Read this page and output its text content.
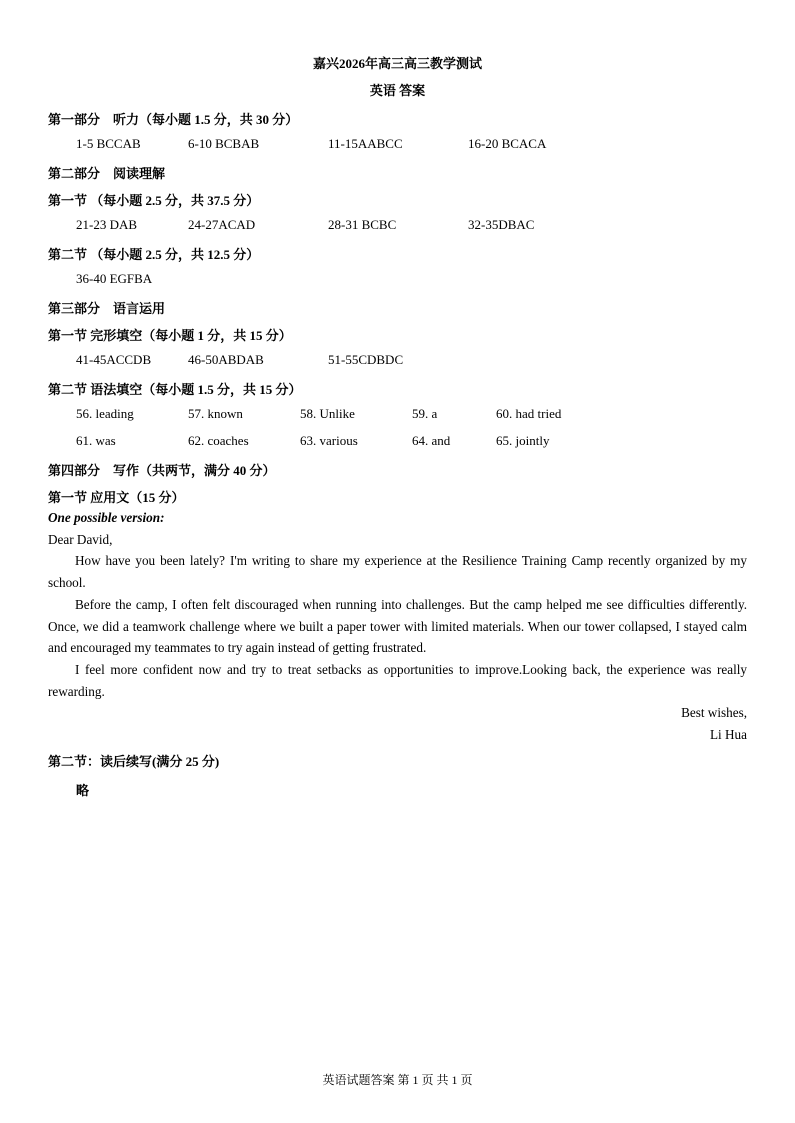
嘉兴2026年高三高三教学测试
英语 答案
第一部分　听力（每小题 1.5 分，共 30 分）
1-5 BCCAB	6-10 BCBAB	11-15AABCC	16-20 BCACA
第二部分　阅读理解
第一节 （每小题 2.5 分，共 37.5 分）
21-23 DAB	24-27ACAD	28-31 BCBC	32-35DBAC
第二节 （每小题 2.5 分，共 12.5 分）
36-40 EGFBA
第三部分　语言运用
第一节 完形填空（每小题 1 分，共 15 分）
41-45ACCDB	46-50ABDAB	51-55CDBDC
第二节 语法填空（每小题 1.5 分，共 15 分）
56. leading	57. known	58. Unlike	59. a	60. had tried
61. was	62. coaches	63. various	64. and	65. jointly
第四部分　写作（共两节，满分 40 分）
第一节 应用文（15 分）

One possible version:

Dear David,

How have you been lately? I'm writing to share my experience at the Resilience Training Camp recently organized by my school.

Before the camp, I often felt discouraged when running into challenges. But the camp helped me see difficulties differently. Once, we did a teamwork challenge where we built a paper tower with limited materials. When our tower collapsed, I stayed calm and encouraged my teammates to try again instead of getting frustrated.

I feel more confident now and try to treat setbacks as opportunities to improve.Looking back, the experience was really rewarding.

Best wishes,

Li Hua

第二节：读后续写(满分 25 分)
略
英语试题答案 第 1 页 共 1 页
